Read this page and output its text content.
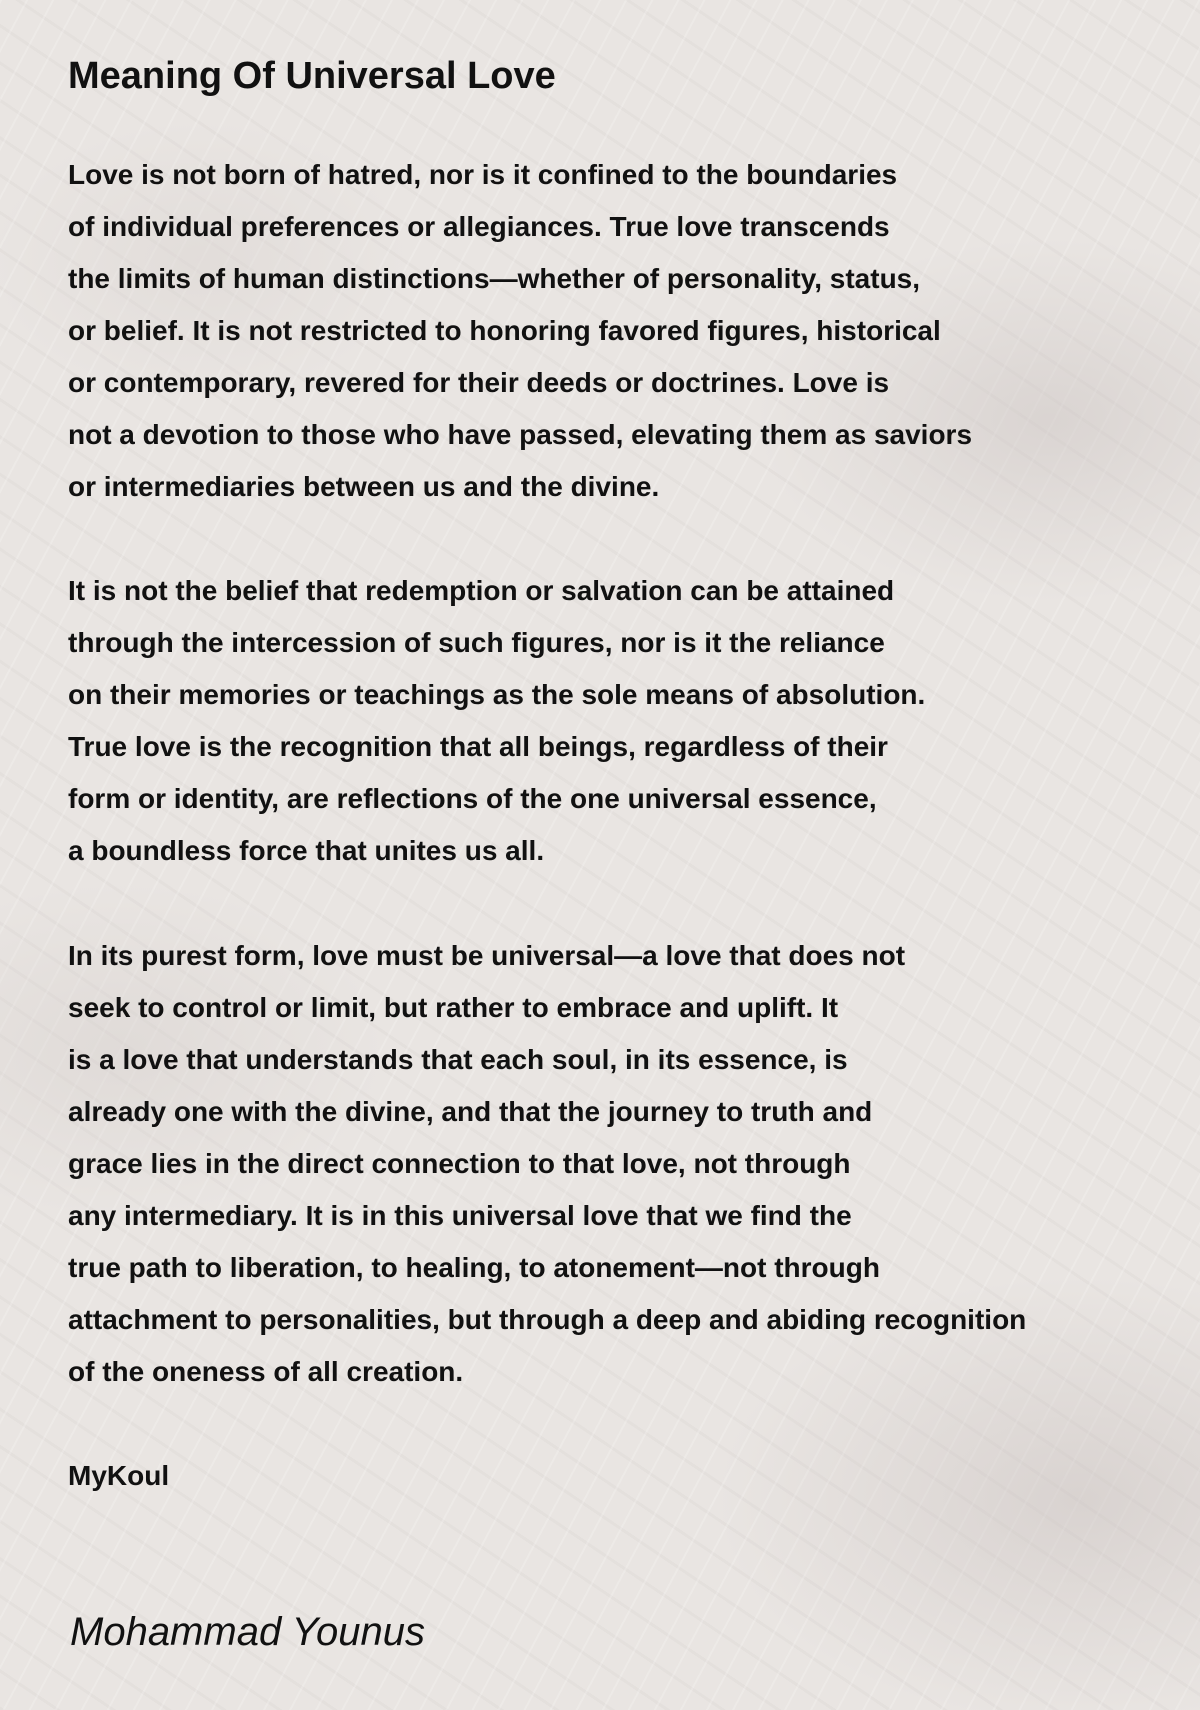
Meaning Of Universal Love

Love is not born of hatred, nor is it confined to the boundaries
of individual preferences or allegiances. True love transcends
the limits of human distinctions—whether of personality, status,
or belief. It is not restricted to honoring favored figures, historical
or contemporary, revered for their deeds or doctrines. Love is
not a devotion to those who have passed, elevating them as saviors
or intermediaries between us and the divine.

It is not the belief that redemption or salvation can be attained
through the intercession of such figures, nor is it the reliance
on their memories or teachings as the sole means of absolution.
True love is the recognition that all beings, regardless of their
form or identity, are reflections of the one universal essence,
a boundless force that unites us all.

In its purest form, love must be universal—a love that does not
seek to control or limit, but rather to embrace and uplift. It
is a love that understands that each soul, in its essence, is
already one with the divine, and that the journey to truth and
grace lies in the direct connection to that love, not through
any intermediary. It is in this universal love that we find the
true path to liberation, to healing, to atonement—not through
attachment to personalities, but through a deep and abiding recognition
of the oneness of all creation.

MyKoul

Mohammad Younus
